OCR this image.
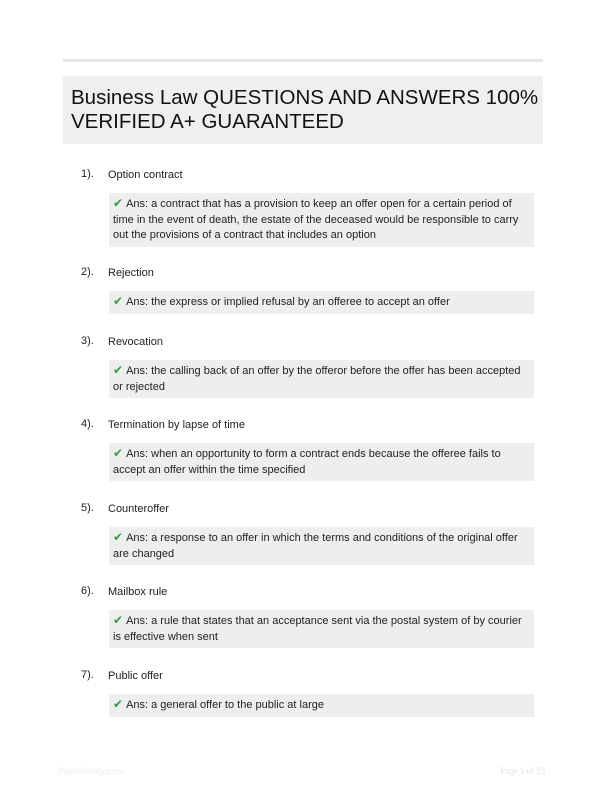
Business Law QUESTIONS AND ANSWERS 100% VERIFIED A+ GUARANTEED
1). Option contract
✔ Ans: a contract that has a provision to keep an offer open for a certain period of time in the event of death, the estate of the deceased would be responsible to carry out the provisions of a contract that includes an option
2). Rejection
✔ Ans: the express or implied refusal by an offeree to accept an offer
3). Revocation
✔ Ans: the calling back of an offer by the offeror before the offer has been accepted or rejected
4). Termination by lapse of time
✔ Ans: when an opportunity to form a contract ends because the offeree fails to accept an offer within the time specified
5). Counteroffer
✔ Ans: a response to an offer in which the terms and conditions of the original offer are changed
6). Mailbox rule
✔ Ans: a rule that states that an acceptance sent via the postal system of by courier is effective when sent
7). Public offer
✔ Ans: a general offer to the public at large
PaperStudy.com	Page 1 of 23
